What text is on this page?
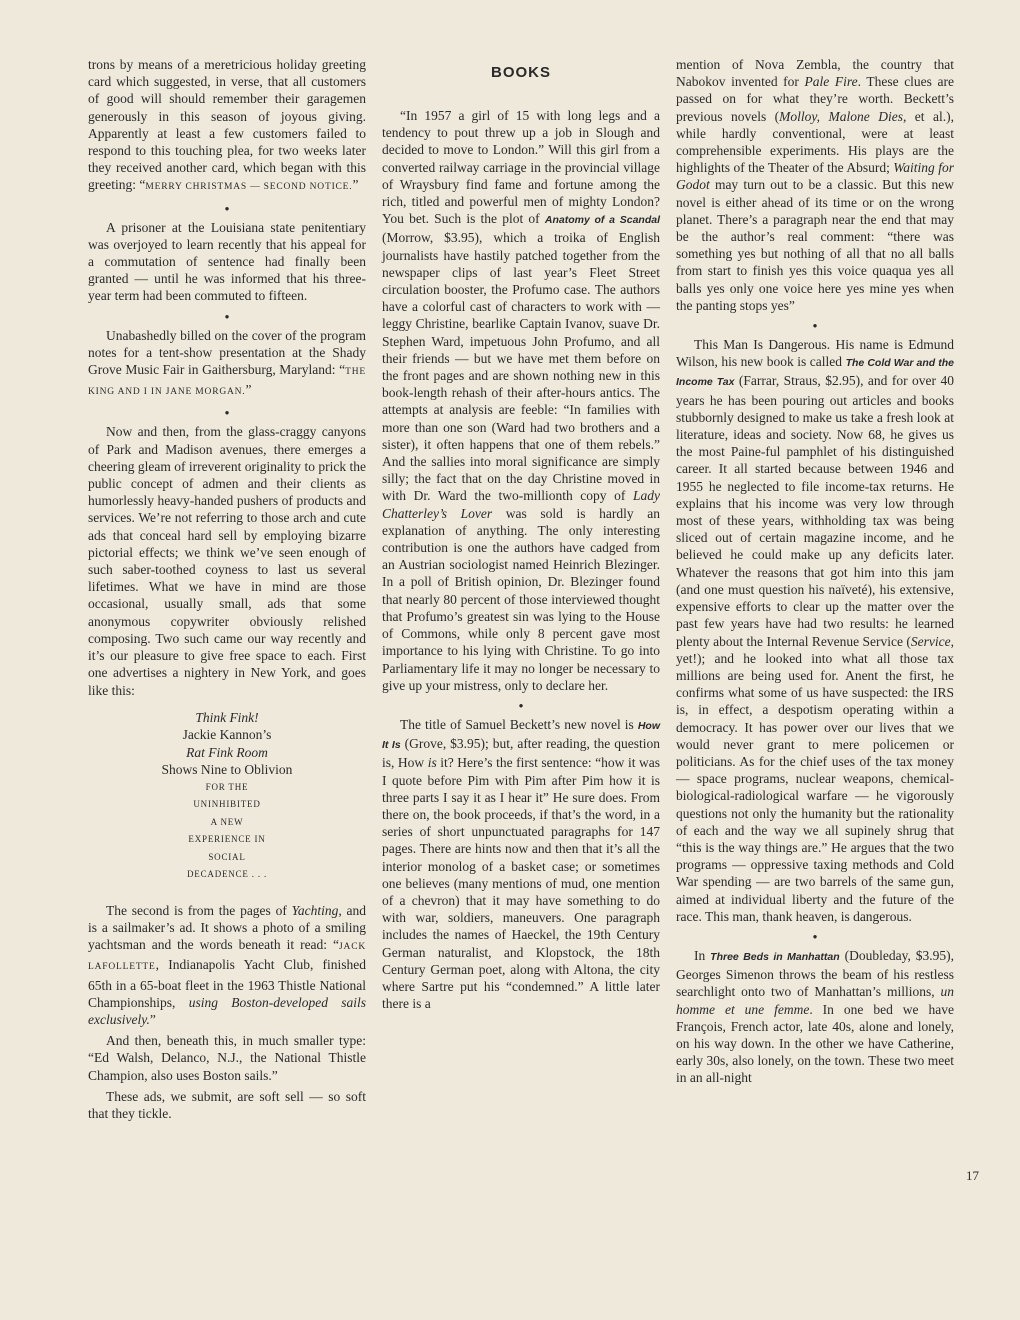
trons by means of a meretricious holiday greeting card which suggested, in verse, that all customers of good will should remember their garagemen generously in this season of joyous giving. Apparently at least a few customers failed to respond to this touching plea, for two weeks later they received another card, which began with this greeting: “MERRY CHRISTMAS — SECOND NOTICE.”

●

A prisoner at the Louisiana state penitentiary was overjoyed to learn recently that his appeal for a commutation of sentence had finally been granted — until he was informed that his three-year term had been commuted to fifteen.

●

Unabashedly billed on the cover of the program notes for a tent-show presentation at the Shady Grove Music Fair in Gaithersburg, Maryland: “THE KING AND I IN JANE MORGAN.”

●

Now and then, from the glass-craggy canyons of Park and Madison avenues, there emerges a cheering gleam of irreverent originality to prick the public concept of admen and their clients as humorlessly heavy-handed pushers of products and services. We’re not referring to those arch and cute ads that conceal hard sell by employing bizarre pictorial effects; we think we’ve seen enough of such saber-toothed coyness to last us several lifetimes. What we have in mind are those occasional, usually small, ads that some anonymous copywriter obviously relished composing. Two such came our way recently and it’s our pleasure to give free space to each. First one advertises a nightery in New York, and goes like this:

Think Fink!
Jackie Kannon’s
Rat Fink Room
Shows Nine to Oblivion
FOR THE
UNINHIBITED
A NEW
EXPERIENCE IN
SOCIAL
DECADENCE . . .

The second is from the pages of Yachting, and is a sailmaker’s ad. It shows a photo of a smiling yachtsman and the words beneath it read: “JACK LAFOLLETTE, Indianapolis Yacht Club, finished 65th in a 65-boat fleet in the 1963 Thistle National Championships, using Boston-developed sails exclusively.”

And then, beneath this, in much smaller type: “Ed Walsh, Delanco, N.J., the National Thistle Champion, also uses Boston sails.”

These ads, we submit, are soft sell — so soft that they tickle.

BOOKS

“In 1957 a girl of 15 with long legs and a tendency to pout threw up a job in Slough and decided to move to London.” Will this girl from a converted railway carriage in the provincial village of Wraysbury find fame and fortune among the rich, titled and powerful men of mighty London? You bet. Such is the plot of Anatomy of a Scandal (Morrow, $3.95), which a troika of English journalists have hastily patched together from the newspaper clips of last year’s Fleet Street circulation booster, the Profumo case. The authors have a colorful cast of characters to work with — leggy Christine, bearlike Captain Ivanov, suave Dr. Stephen Ward, impetuous John Profumo, and all their friends — but we have met them before on the front pages and are shown nothing new in this book-length rehash of their after-hours antics. The attempts at analysis are feeble: “In families with more than one son (Ward had two brothers and a sister), it often happens that one of them rebels.” And the sallies into moral significance are simply silly; the fact that on the day Christine moved in with Dr. Ward the two-millionth copy of Lady Chatterley’s Lover was sold is hardly an explanation of anything. The only interesting contribution is one the authors have cadged from an Austrian sociologist named Heinrich Blezinger. In a poll of British opinion, Dr. Blezinger found that nearly 80 percent of those interviewed thought that Profumo’s greatest sin was lying to the House of Commons, while only 8 percent gave most importance to his lying with Christine. To go into Parliamentary life it may no longer be necessary to give up your mistress, only to declare her.

●

The title of Samuel Beckett’s new novel is How It Is (Grove, $3.95); but, after reading, the question is, How is it? Here’s the first sentence: “how it was I quote before Pim with Pim after Pim how it is three parts I say it as I hear it” He sure does. From there on, the book proceeds, if that’s the word, in a series of short unpunctuated paragraphs for 147 pages. There are hints now and then that it’s all the interior monolog of a basket case; or sometimes one believes (many mentions of mud, one mention of a chevron) that it may have something to do with war, soldiers, maneuvers. One paragraph includes the names of Haeckel, the 19th Century German naturalist, and Klopstock, the 18th Century German poet, along with Altona, the city where Sartre put his “condemned.” A little later there is a

mention of Nova Zembla, the country that Nabokov invented for Pale Fire. These clues are passed on for what they’re worth. Beckett’s previous novels (Molloy, Malone Dies, et al.), while hardly conventional, were at least comprehensible experiments. His plays are the highlights of the Theater of the Absurd; Waiting for Godot may turn out to be a classic. But this new novel is either ahead of its time or on the wrong planet. There’s a paragraph near the end that may be the author’s real comment: “there was something yes but nothing of all that no all balls from start to finish yes this voice quaqua yes all balls yes only one voice here yes mine yes when the panting stops yes”

●

This Man Is Dangerous. His name is Edmund Wilson, his new book is called The Cold War and the Income Tax (Farrar, Straus, $2.95), and for over 40 years he has been pouring out articles and books stubbornly designed to make us take a fresh look at literature, ideas and society. Now 68, he gives us the most Paine-ful pamphlet of his distinguished career. It all started because between 1946 and 1955 he neglected to file income-tax returns. He explains that his income was very low through most of these years, withholding tax was being sliced out of certain magazine income, and he believed he could make up any deficits later. Whatever the reasons that got him into this jam (and one must question his naïveté), his extensive, expensive efforts to clear up the matter over the past few years have had two results: he learned plenty about the Internal Revenue Service (Service, yet!); and he looked into what all those tax millions are being used for. Anent the first, he confirms what some of us have suspected: the IRS is, in effect, a despotism operating within a democracy. It has power over our lives that we would never grant to mere policemen or politicians. As for the chief uses of the tax money — space programs, nuclear weapons, chemical-biological-radiological warfare — he vigorously questions not only the humanity but the rationality of each and the way we all supinely shrug that “this is the way things are.” He argues that the two programs — oppressive taxing methods and Cold War spending — are two barrels of the same gun, aimed at individual liberty and the future of the race. This man, thank heaven, is dangerous.

●

In Three Beds in Manhattan (Doubleday, $3.95), Georges Simenon throws the beam of his restless searchlight onto two of Manhattan’s millions, un homme et une femme. In one bed we have François, French actor, late 40s, alone and lonely, on his way down. In the other we have Catherine, early 30s, also lonely, on the town. These two meet in an all-night

17
